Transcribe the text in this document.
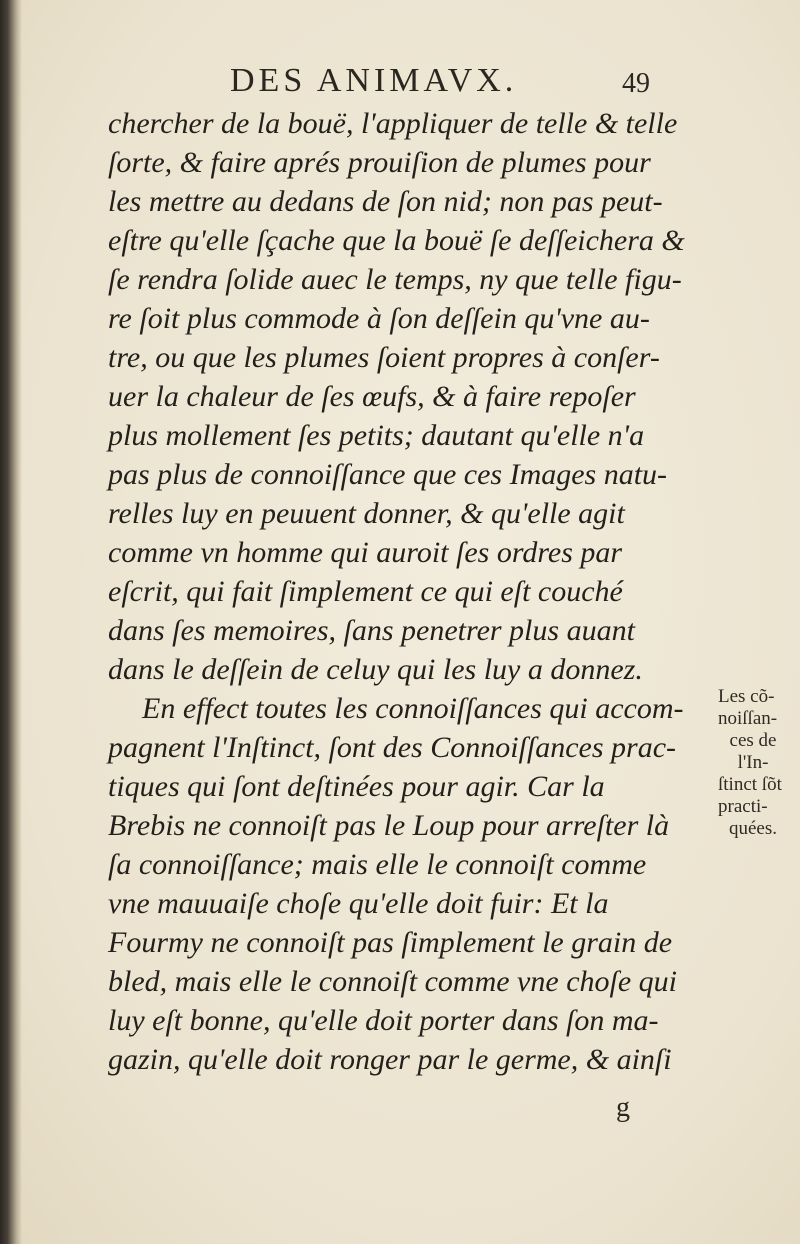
DES ANIMAVX.	49
chercher de la bouë, l'appliquer de telle & telle
ſorte, & faire aprés prouiſion de plumes pour
les mettre au dedans de ſon nid; non pas peut-
eſtre qu'elle ſçache que la bouë ſe deſſeichera &
ſe rendra ſolide auec le temps, ny que telle figu-
re ſoit plus commode à ſon deſſein qu'vne au-
tre, ou que les plumes ſoient propres à conſer-
uer la chaleur de ſes œufs, & à faire repoſer
plus mollement ſes petits; dautant qu'elle n'a
pas plus de connoiſſance que ces Images natu-
relles luy en peuuent donner, & qu'elle agit
comme vn homme qui auroit ſes ordres par
eſcrit, qui fait ſimplement ce qui eſt couché
dans ſes memoires, ſans penetrer plus auant
dans le deſſein de celuy qui les luy a donnez.
En effect toutes les connoiſſances qui accom-
pagnent l'Inſtinct, ſont des Connoiſſances prac-
tiques qui ſont deſtinées pour agir. Car la
Brebis ne connoiſt pas le Loup pour arreſter là
ſa connoiſſance; mais elle le connoiſt comme
vne mauuaiſe choſe qu'elle doit fuir: Et la
Fourmy ne connoiſt pas ſimplement le grain de
bled, mais elle le connoiſt comme vne choſe qui
luy eſt bonne, qu'elle doit porter dans ſon ma-
gazin, qu'elle doit ronger par le germe, & ainſi
Les cõ-
noiſſan-
ces de
l'In-
ſtinct ſõt
practi-
quées.
g
